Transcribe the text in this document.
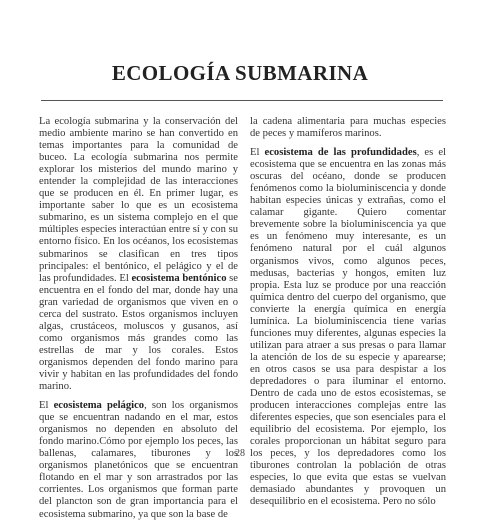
ECOLOGÍA SUBMARINA

La ecología submarina y la conservación del medio ambiente marino se han convertido en temas importantes para la comunidad de buceo. La ecología submarina nos permite explorar los misterios del mundo marino y entender la complejidad de las interacciones que se producen en él. En primer lugar, es importante saber lo que es un ecosistema submarino, es un sistema complejo en el que múltiples especies interactúan entre sí y con su entorno físico. En los océanos, los ecosistemas submarinos se clasifican en tres tipos principales: el bentónico, el pelágico y el de las profundidades. El ecosistema bentónico se encuentra en el fondo del mar, donde hay una gran variedad de organismos que viven en o cerca del sustrato. Estos organismos incluyen algas, crustáceos, moluscos y gusanos, así como organismos más grandes como las estrellas de mar y los corales. Estos organismos dependen del fondo marino para vivir y habitan en las profundidades del fondo marino.

El ecosistema pelágico, son los organismos que se encuentran nadando en el mar, estos organismos no dependen en absoluto del fondo marino.Cómo por ejemplo los peces, las ballenas, calamares, tiburones y los organismos planetónicos que se encuentran flotando en el mar y son arrastrados por las corrientes. Los organismos que forman parte del plancton son de gran importancia para el ecosistema submarino, ya que son la base de

la cadena alimentaria para muchas especies de peces y mamíferos marinos.

El ecosistema de las profundidades, es el ecosistema que se encuentra en las zonas más oscuras del océano, donde se producen fenómenos como la bioluminiscencia y donde habitan especies únicas y extrañas, como el calamar gigante. Quiero comentar brevemente sobre la bioluminiscencia ya que es un fenómeno muy interesante, es un fenómeno natural por el cuál algunos organismos vivos, como algunos peces, medusas, bacterias y hongos, emiten luz propia. Esta luz se produce por una reacción química dentro del cuerpo del organismo, que convierte la energía química en energía lumínica. La bioluminiscencia tiene varias funciones muy diferentes, algunas especies la utilizan para atraer a sus presas o para llamar la atención de los de su especie y aparearse; en otros casos se usa para despistar a los depredadores o para iluminar el entorno. Dentro de cada uno de estos ecosistemas, se producen interacciones complejas entre las diferentes especies, que son esenciales para el equilibrio del ecosistema. Por ejemplo, los corales proporcionan un hábitat seguro para los peces, y los depredadores como los tiburones controlan la población de otras especies, lo que evita que estas se vuelvan demasiado abundantes y provoquen un desequilibrio en el ecosistema. Pero no sólo

28
